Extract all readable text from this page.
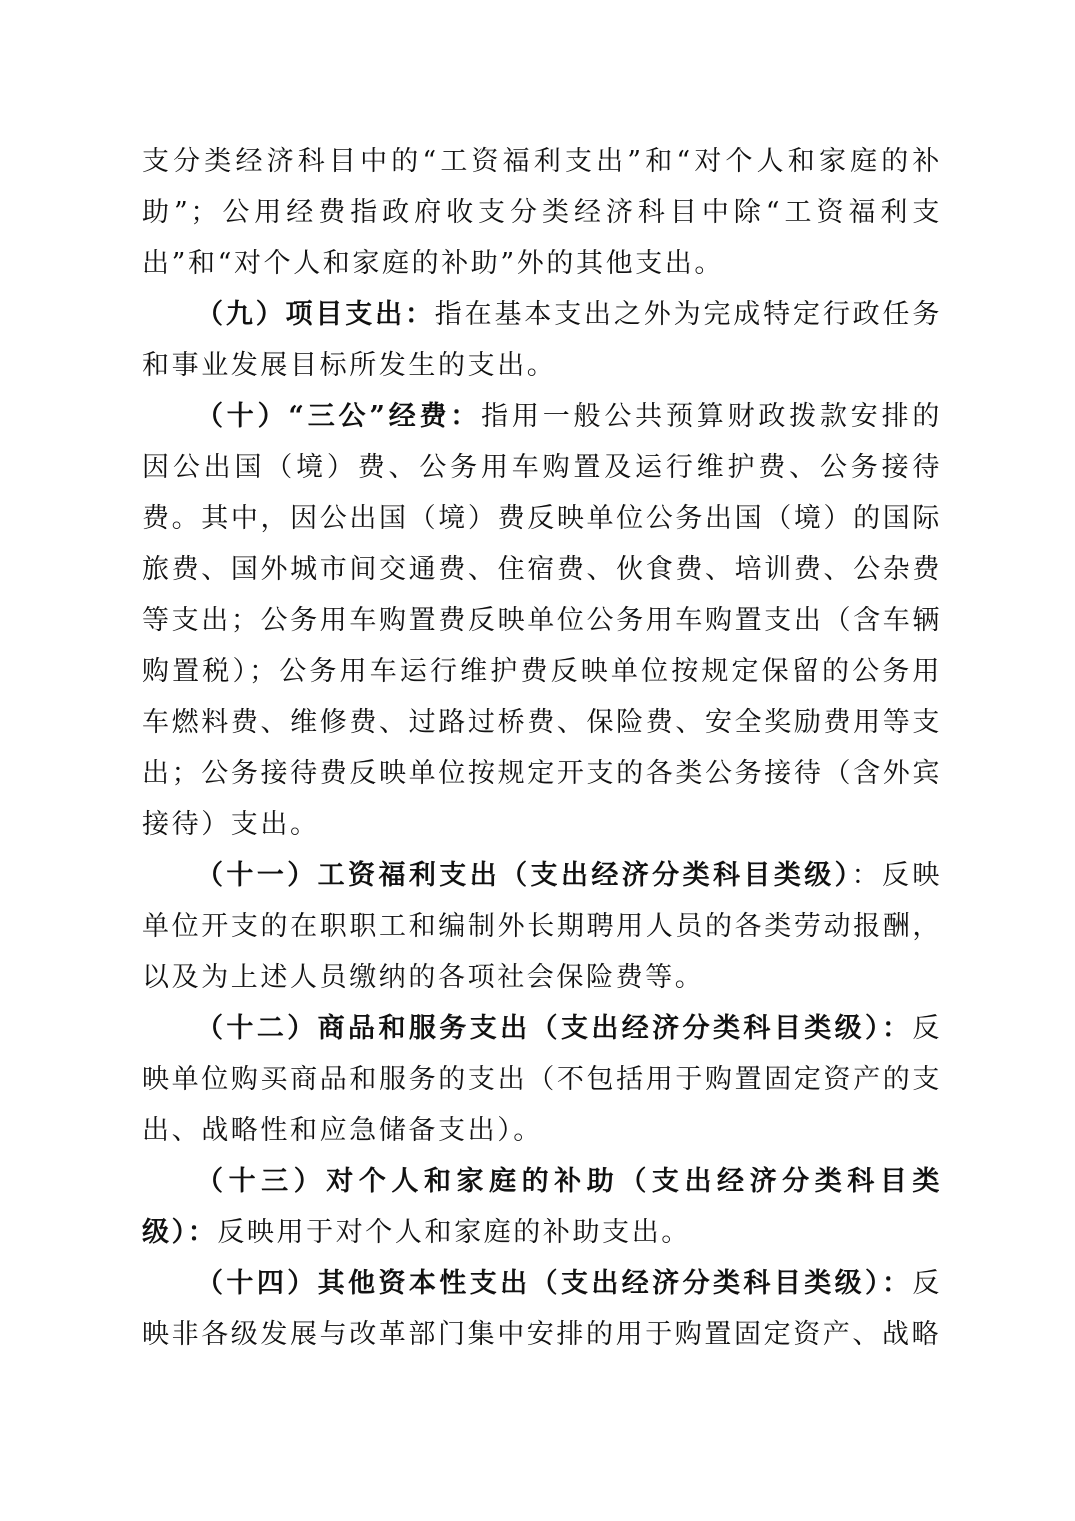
支分类经济科目中的“工资福利支出”和“对个人和家庭的补助”；公用经费指政府收支分类经济科目中除“工资福利支出”和“对个人和家庭的补助”外的其他支出。

（九）项目支出：指在基本支出之外为完成特定行政任务和事业发展目标所发生的支出。

（十）“三公”经费：指用一般公共预算财政拨款安排的因公出国（境）费、公务用车购置及运行维护费、公务接待费。其中，因公出国（境）费反映单位公务出国（境）的国际旅费、国外城市间交通费、住宿费、伙食费、培训费、公杂费等支出；公务用车购置费反映单位公务用车购置支出（含车辆购置税）；公务用车运行维护费反映单位按规定保留的公务用车燃料费、维修费、过路过桥费、保险费、安全奖励费用等支出；公务接待费反映单位按规定开支的各类公务接待（含外宾接待）支出。

（十一）工资福利支出（支出经济分类科目类级）：反映单位开支的在职职工和编制外长期聘用人员的各类劳动报酬，以及为上述人员缴纳的各项社会保险费等。

（十二）商品和服务支出（支出经济分类科目类级）：反映单位购买商品和服务的支出（不包括用于购置固定资产的支出、战略性和应急储备支出）。

（十三）对个人和家庭的补助（支出经济分类科目类级）：反映用于对个人和家庭的补助支出。

（十四）其他资本性支出（支出经济分类科目类级）：反映非各级发展与改革部门集中安排的用于购置固定资产、战略
